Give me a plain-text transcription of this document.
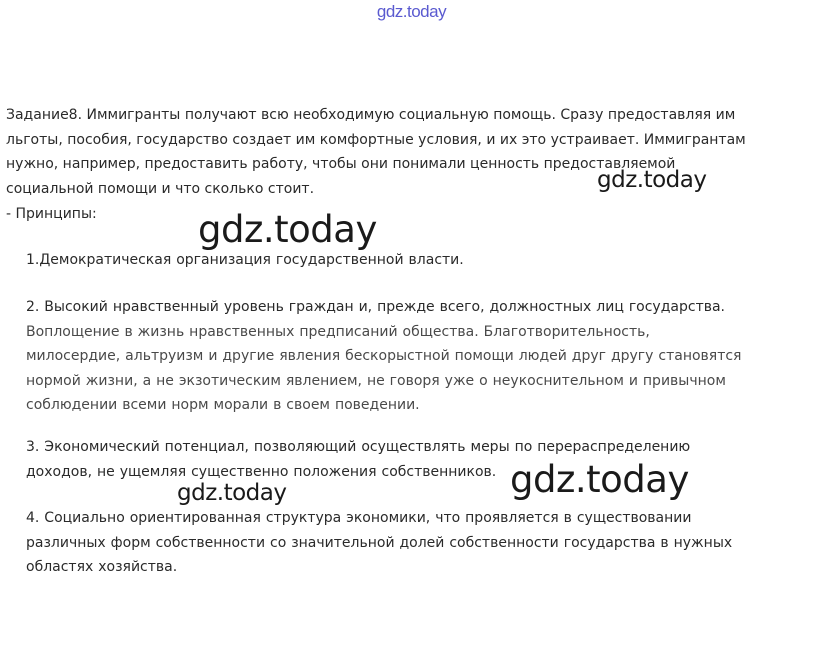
gdz.today
Задание8. Иммигранты получают всю необходимую социальную помощь. Сразу предоставляя им
льготы, пособия, государство создает им комфортные условия, и их это устраивает. Иммигрантам
нужно, например, предоставить работу, чтобы они понимали ценность предоставляемой
социальной помощи и что сколько стоит.
- Принципы:
1.Демократическая организация государственной власти.
2. Высокий нравственный уровень граждан и, прежде всего, должностных лиц государства.
Воплощение в жизнь нравственных предписаний общества. Благотворительность,
милосердие, альтруизм и другие явления бескорыстной помощи людей друг другу становятся
нормой жизни, а не экзотическим явлением, не говоря уже о неукоснительном и привычном
соблюдении всеми норм морали в своем поведении.
3. Экономический потенциал, позволяющий осуществлять меры по перераспределению
доходов, не ущемляя существенно положения собственников.
4. Социально ориентированная структура экономики, что проявляется в существовании
различных форм собственности со значительной долей собственности государства в нужных
областях хозяйства.
gdz.today
gdz.today
gdz.today
gdz.today
